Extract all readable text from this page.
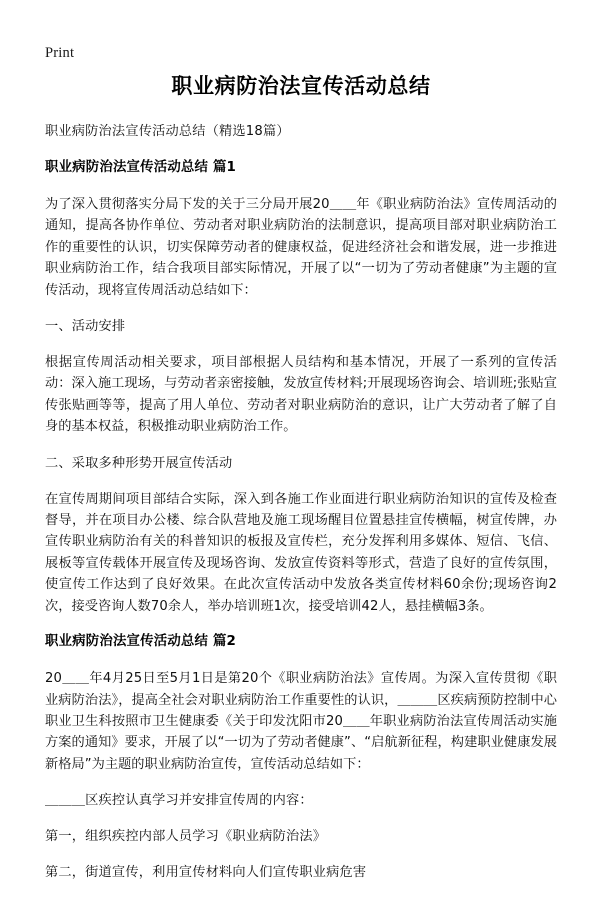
Print
职业病防治法宣传活动总结

职业病防治法宣传活动总结（精选18篇）

职业病防治法宣传活动总结 篇1

为了深入贯彻落实分局下发的关于三分局开展20＿＿年《职业病防治法》宣传周活动的通知，提高各协作单位、劳动者对职业病防治的法制意识，提高项目部对职业病防治工作的重要性的认识，切实保障劳动者的健康权益，促进经济社会和谐发展，进一步推进职业病防治工作，结合我项目部实际情况，开展了以“一切为了劳动者健康”为主题的宣传活动，现将宣传周活动总结如下：

一、活动安排

根据宣传周活动相关要求，项目部根据人员结构和基本情况，开展了一系列的宣传活动：深入施工现场，与劳动者亲密接触，发放宣传材料;开展现场咨询会、培训班;张贴宣传张贴画等等，提高了用人单位、劳动者对职业病防治的意识，让广大劳动者了解了自身的基本权益，积极推动职业病防治工作。

二、采取多种形势开展宣传活动

在宣传周期间项目部结合实际，深入到各施工作业面进行职业病防治知识的宣传及检查督导，并在项目办公楼、综合队营地及施工现场醒目位置悬挂宣传横幅，树宣传牌，办宣传职业病防治有关的科普知识的板报及宣传栏，充分发挥利用多媒体、短信、飞信、展板等宣传载体开展宣传及现场咨询、发放宣传资料等形式，营造了良好的宣传氛围，使宣传工作达到了良好效果。在此次宣传活动中发放各类宣传材料60余份;现场咨询2次，接受咨询人数70余人，举办培训班1次，接受培训42人，悬挂横幅3条。

职业病防治法宣传活动总结 篇2

20＿＿年4月25日至5月1日是第20个《职业病防治法》宣传周。为深入宣传贯彻《职业病防治法》，提高全社会对职业病防治工作重要性的认识，＿＿＿区疾病预防控制中心职业卫生科按照市卫生健康委《关于印发沈阳市20＿＿年职业病防治法宣传周活动实施方案的通知》要求，开展了以“一切为了劳动者健康”、“启航新征程，构建职业健康发展新格局”为主题的职业病防治宣传，宣传活动总结如下：

＿＿＿区疾控认真学习并安排宣传周的内容：

第一，组织疾控内部人员学习《职业病防治法》

第二，街道宣传，利用宣传材料向人们宣传职业病危害
